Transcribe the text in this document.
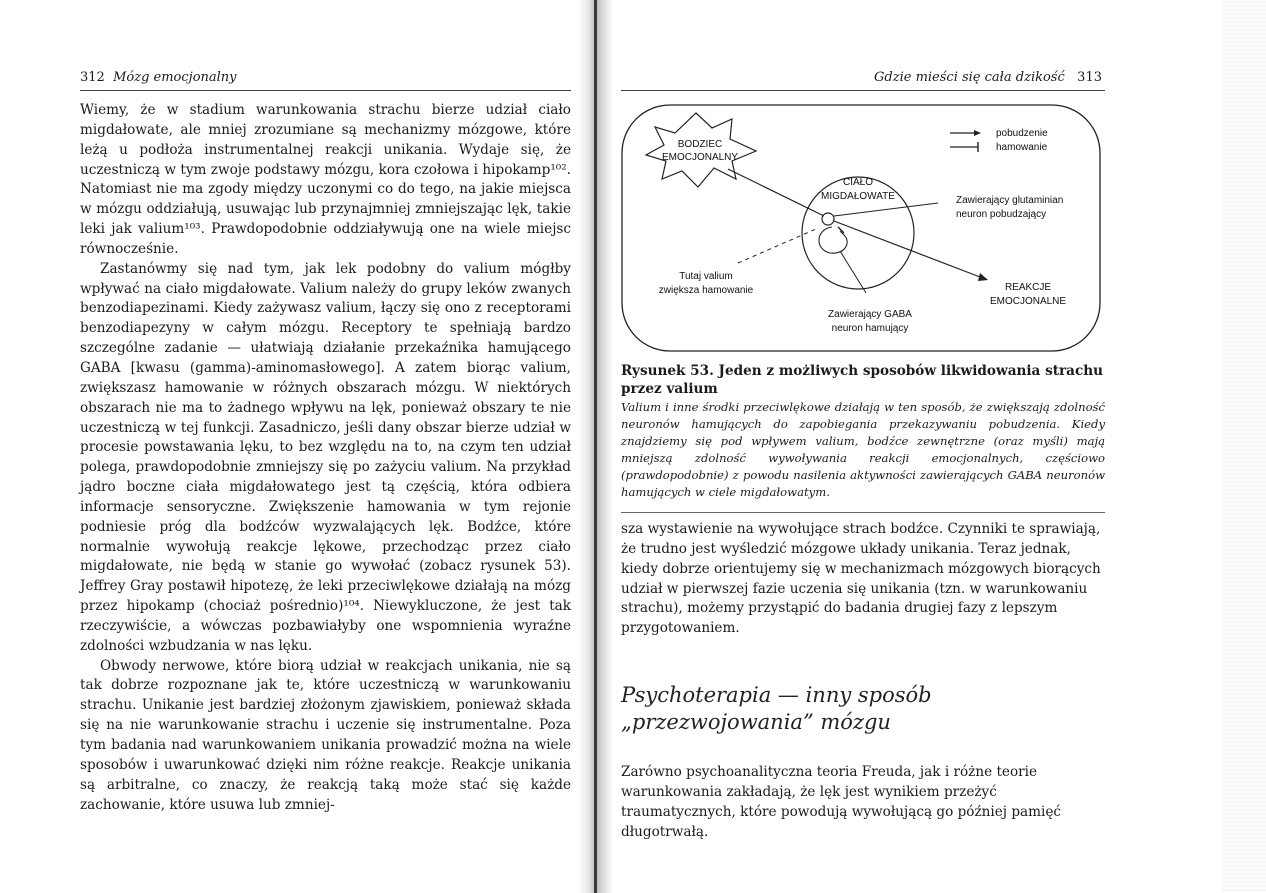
312 Mózg emocjonalny

Wiemy, że w stadium warunkowania strachu bierze udział ciało migdałowate, ale mniej zrozumiane są mechanizmy mózgowe, które leżą u podłoża instrumentalnej reakcji unikania. Wydaje się, że uczestniczą w tym zwoje podstawy mózgu, kora czołowa i hipokamp¹⁰². Natomiast nie ma zgody między uczonymi co do tego, na jakie miejsca w mózgu oddziałują, usuwając lub przynajmniej zmniejszając lęk, takie leki jak valium¹⁰³. Prawdopodobnie oddziaływują one na wiele miejsc równocześnie.

Zastanówmy się nad tym, jak lek podobny do valium mógłby wpływać na ciało migdałowate. Valium należy do grupy leków zwanych benzodiapezinami. Kiedy zażywasz valium, łączy się ono z receptorami benzodiapezyny w całym mózgu. Receptory te spełniają bardzo szczególne zadanie — ułatwiają działanie przekaźnika hamującego GABA [kwasu (gamma)-aminomasłowego]. A zatem biorąc valium, zwiększasz hamowanie w różnych obszarach mózgu. W niektórych obszarach nie ma to żadnego wpływu na lęk, ponieważ obszary te nie uczestniczą w tej funkcji. Zasadniczo, jeśli dany obszar bierze udział w procesie powstawania lęku, to bez względu na to, na czym ten udział polega, prawdopodobnie zmniejszy się po zażyciu valium. Na przykład jądro boczne ciała migdałowatego jest tą częścią, która odbiera informacje sensoryczne. Zwiększenie hamowania w tym rejonie podniesie próg dla bodźców wyzwalających lęk. Bodźce, które normalnie wywołują reakcje lękowe, przechodząc przez ciało migdałowate, nie będą w stanie go wywołać (zobacz rysunek 53). Jeffrey Gray postawił hipotezę, że leki przeciwlękowe działają na mózg przez hipokamp (chociaż pośrednio)¹⁰⁴. Niewykluczone, że jest tak rzeczywiście, a wówczas pozbawiałyby one wspomnienia wyraźne zdolności wzbudzania w nas lęku.

Obwody nerwowe, które biorą udział w reakcjach unikania, nie są tak dobrze rozpoznane jak te, które uczestniczą w warunkowaniu strachu. Unikanie jest bardziej złożonym zjawiskiem, ponieważ składa się na nie warunkowanie strachu i uczenie się instrumentalne. Poza tym badania nad warunkowaniem unikania prowadzić można na wiele sposobów i uwarunkować dzięki nim różne reakcje. Reakcje unikania są arbitralne, co znaczy, że reakcją taką może stać się każde zachowanie, które usuwa lub zmniej-

Gdzie mieści się cała dzikość 313
BODZIEC
EMOCJONALNY
pobudzenie
hamowanie
CIAŁO
MIGDAŁOWATE	Zawierający glutaminian
neuron pobudzający
REAKCJE
EMOCJONALNE
Zawierający GABA
neuron hamujący
Tutaj valium
zwiększa hamowanie

Rysunek 53. Jeden z możliwych sposobów likwidowania strachu przez valium

Valium i inne środki przeciwlękowe działają w ten sposób, że zwiększają zdolność neuronów hamujących do zapobiegania przekazywaniu pobudzenia. Kiedy znajdziemy się pod wpływem valium, bodźce zewnętrzne (oraz myśli) mają mniejszą zdolność wywoływania reakcji emocjonalnych, częściowo (prawdopodobnie) z powodu nasilenia aktywności zawierających GABA neuronów hamujących w ciele migdałowatym.

sza wystawienie na wywołujące strach bodźce. Czynniki te sprawiają, że trudno jest wyśledzić mózgowe układy unikania. Teraz jednak, kiedy dobrze orientujemy się w mechanizmach mózgowych biorących udział w pierwszej fazie uczenia się unikania (tzn. w warunkowaniu strachu), możemy przystąpić do badania drugiej fazy z lepszym przygotowaniem.

Psychoterapia — inny sposób
„przezwojowania” mózgu

Zarówno psychoanalityczna teoria Freuda, jak i różne teorie warunkowania zakładają, że lęk jest wynikiem przeżyć traumatycznych, które powodują wywołującą go później pamięć długotrwałą.
